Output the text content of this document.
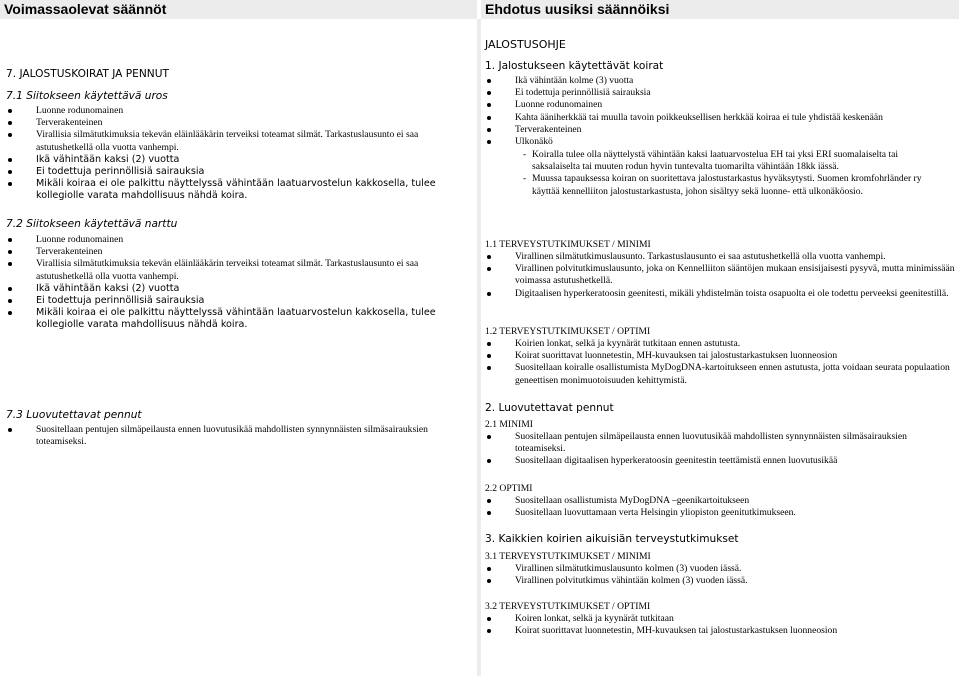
Voimassaolevat säännöt	Ehdotus uusiksi säännöiksi
7. JALOSTUSKOIRAT JA PENNUT
7.1 Siitokseen käytettävä uros
Luonne rodunomainen
Terverakenteinen
Virallisia silmätutkimuksia tekevän eläinlääkärin terveiksi toteamat silmät. Tarkastuslausunto ei saa astutushetkellä olla vuotta vanhempi.
Ikä vähintään kaksi (2) vuotta
Ei todettuja perinnöllisiä sairauksia
Mikäli koiraa ei ole palkittu näyttelyssä vähintään laatuarvostelun kakkosella, tulee kollegiolle varata mahdollisuus nähdä koira.
7.2 Siitokseen käytettävä narttu
Luonne rodunomainen
Terverakenteinen
Virallisia silmätutkimuksia tekevän eläinlääkärin terveiksi toteamat silmät. Tarkastuslausunto ei saa astutushetkellä olla vuotta vanhempi.
Ikä vähintään kaksi (2) vuotta
Ei todettuja perinnöllisiä sairauksia
Mikäli koiraa ei ole palkittu näyttelyssä vähintään laatuarvostelun kakkosella, tulee kollegiolle varata mahdollisuus nähdä koira.
7.3 Luovutettavat pennut
Suositellaan pentujen silmäpeilausta ennen luovutusikää mahdollisten synnynnäisten silmäsairauksien toteamiseksi.
JALOSTUSOHJE
1. Jalostukseen käytettävät koirat
Ikä vähintään kolme (3) vuotta
Ei todettuja perinnöllisiä sairauksia
Luonne rodunomainen
Kahta ääniherkkää tai muulla tavoin poikkeuksellisen herkkää koiraa ei tule yhdistää keskenään
Terverakenteinen
Ulkonäkö
- Koiralla tulee olla näyttelystä vähintään kaksi laatuarvostelua EH tai yksi ERI suomalaiselta tai saksalaiselta tai muuten rodun hyvin tuntevalta tuomarilta vähintään 18kk iässä.
- Muussa tapauksessa koiran on suoritettava jalostustarkastus hyväksytysti. Suomen kromfohrländer ry käyttää kennelliiton jalostustarkastusta, johon sisältyy sekä luonne- että ulkonäköosio.
1.1 TERVEYSTUTKIMUKSET / MINIMI
Virallinen silmätutkimuslausunto. Tarkastuslausunto ei saa astutushetkellä olla vuotta vanhempi.
Virallinen polvitutkimuslausunto, joka on Kennelliiton sääntöjen mukaan ensisijaisesti pysyvä, mutta minimissään voimassa astutushetkellä.
Digitaalisen hyperkeratoosin geenitesti, mikäli yhdistelmän toista osapuolta ei ole todettu perveeksi geenitestillä.
1.2 TERVEYSTUTKIMUKSET / OPTIMI
Koirien lonkat, selkä ja kyynärät tutkitaan ennen astutusta.
Koirat suorittavat luonnetestin, MH-kuvauksen tai jalostustarkastuksen luonneosion
Suositellaan koiralle osallistumista MyDogDNA-kartoitukseen ennen astutusta, jotta voidaan seurata populaation geneettisen monimuotoisuuden kehittymistä.
2. Luovutettavat pennut
2.1 MINIMI
Suositellaan pentujen silmäpeilausta ennen luovutusikää mahdollisten synnynnäisten silmäsairauksien toteamiseksi.
Suositellaan digitaalisen hyperkeratoosin geenitestin teettämistä ennen luovutusikää
2.2 OPTIMI
Suositellaan osallistumista MyDogDNA –geenikartoitukseen
Suositellaan luovuttamaan verta Helsingin yliopiston geenitutkimukseen.
3. Kaikkien koirien aikuisiän terveystutkimukset
3.1 TERVEYSTUTKIMUKSET / MINIMI
Virallinen silmätutkimuslausunto kolmen (3) vuoden iässä.
Virallinen polvitutkimus vähintään kolmen (3) vuoden iässä.
3.2 TERVEYSTUTKIMUKSET / OPTIMI
Koiren lonkat, selkä ja kyynärät tutkitaan
Koirat suorittavat luonnetestin, MH-kuvauksen tai jalostustarkastuksen luonneosion
